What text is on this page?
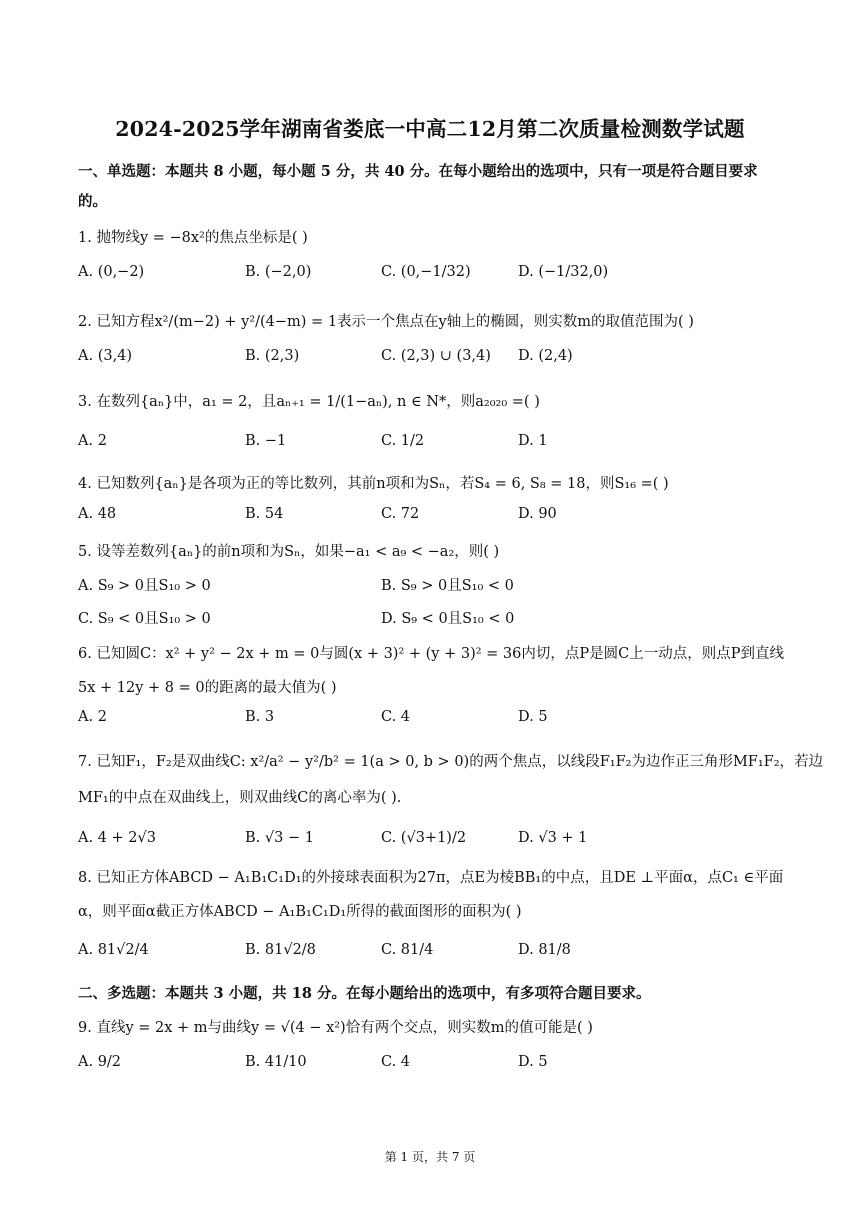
2024-2025学年湖南省娄底一中高二12月第二次质量检测数学试题
一、单选题：本题共 8 小题，每小题 5 分，共 40 分。在每小题给出的选项中，只有一项是符合题目要求
的。
1. 抛物线y = −8x²的焦点坐标是( )
A. (0,−2)	B. (−2,0)	C. (0,−1/32)	D. (−1/32,0)
2. 已知方程x²/(m−2) + y²/(4−m) = 1表示一个焦点在y轴上的椭圆，则实数m的取值范围为( )
A. (3,4)	B. (2,3)	C. (2,3) ∪ (3,4) D. (2,4)
3. 在数列{aₙ}中，a₁ = 2，且aₙ₊₁ = 1/(1−aₙ), n ∈ N*，则a₂₀₂₀ =( )
A. 2	B. −1	C. 1/2	D. 1
4. 已知数列{aₙ}是各项为正的等比数列，其前n项和为Sₙ，若S₄ = 6, S₈ = 18，则S₁₆ =( )
A. 48	B. 54	C. 72	D. 90
5. 设等差数列{aₙ}的前n项和为Sₙ，如果−a₁ < a₉ < −a₂，则( )
A. S₉ > 0且S₁₀ > 0	B. S₉ > 0且S₁₀ < 0
C. S₉ < 0且S₁₀ > 0	D. S₉ < 0且S₁₀ < 0
6. 已知圆C：x² + y² − 2x + m = 0与圆(x + 3)² + (y + 3)² = 36内切，点P是圆C上一动点，则点P到直线
5x + 12y + 8 = 0的距离的最大值为( )
A. 2	B. 3	C. 4	D. 5
7. 已知F₁，F₂是双曲线C: x²/a² − y²/b² = 1(a > 0, b > 0)的两个焦点，以线段F₁F₂为边作正三角形MF₁F₂，若边
MF₁的中点在双曲线上，则双曲线C的离心率为( ).
A. 4 + 2√3	B. √3 − 1	C. (√3+1)/2	D. √3 + 1
8. 已知正方体ABCD − A₁B₁C₁D₁的外接球表面积为27π，点E为棱BB₁的中点，且DE ⊥平面α，点C₁ ∈平面
α，则平面α截正方体ABCD − A₁B₁C₁D₁所得的截面图形的面积为( )
A. 81√2/4	B. 81√2/8	C. 81/4	D. 81/8
二、多选题：本题共 3 小题，共 18 分。在每小题给出的选项中，有多项符合题目要求。
9. 直线y = 2x + m与曲线y = √(4 − x²)恰有两个交点，则实数m的值可能是( )
A. 9/2	B. 41/10	C. 4	D. 5
第 1 页，共 7 页
